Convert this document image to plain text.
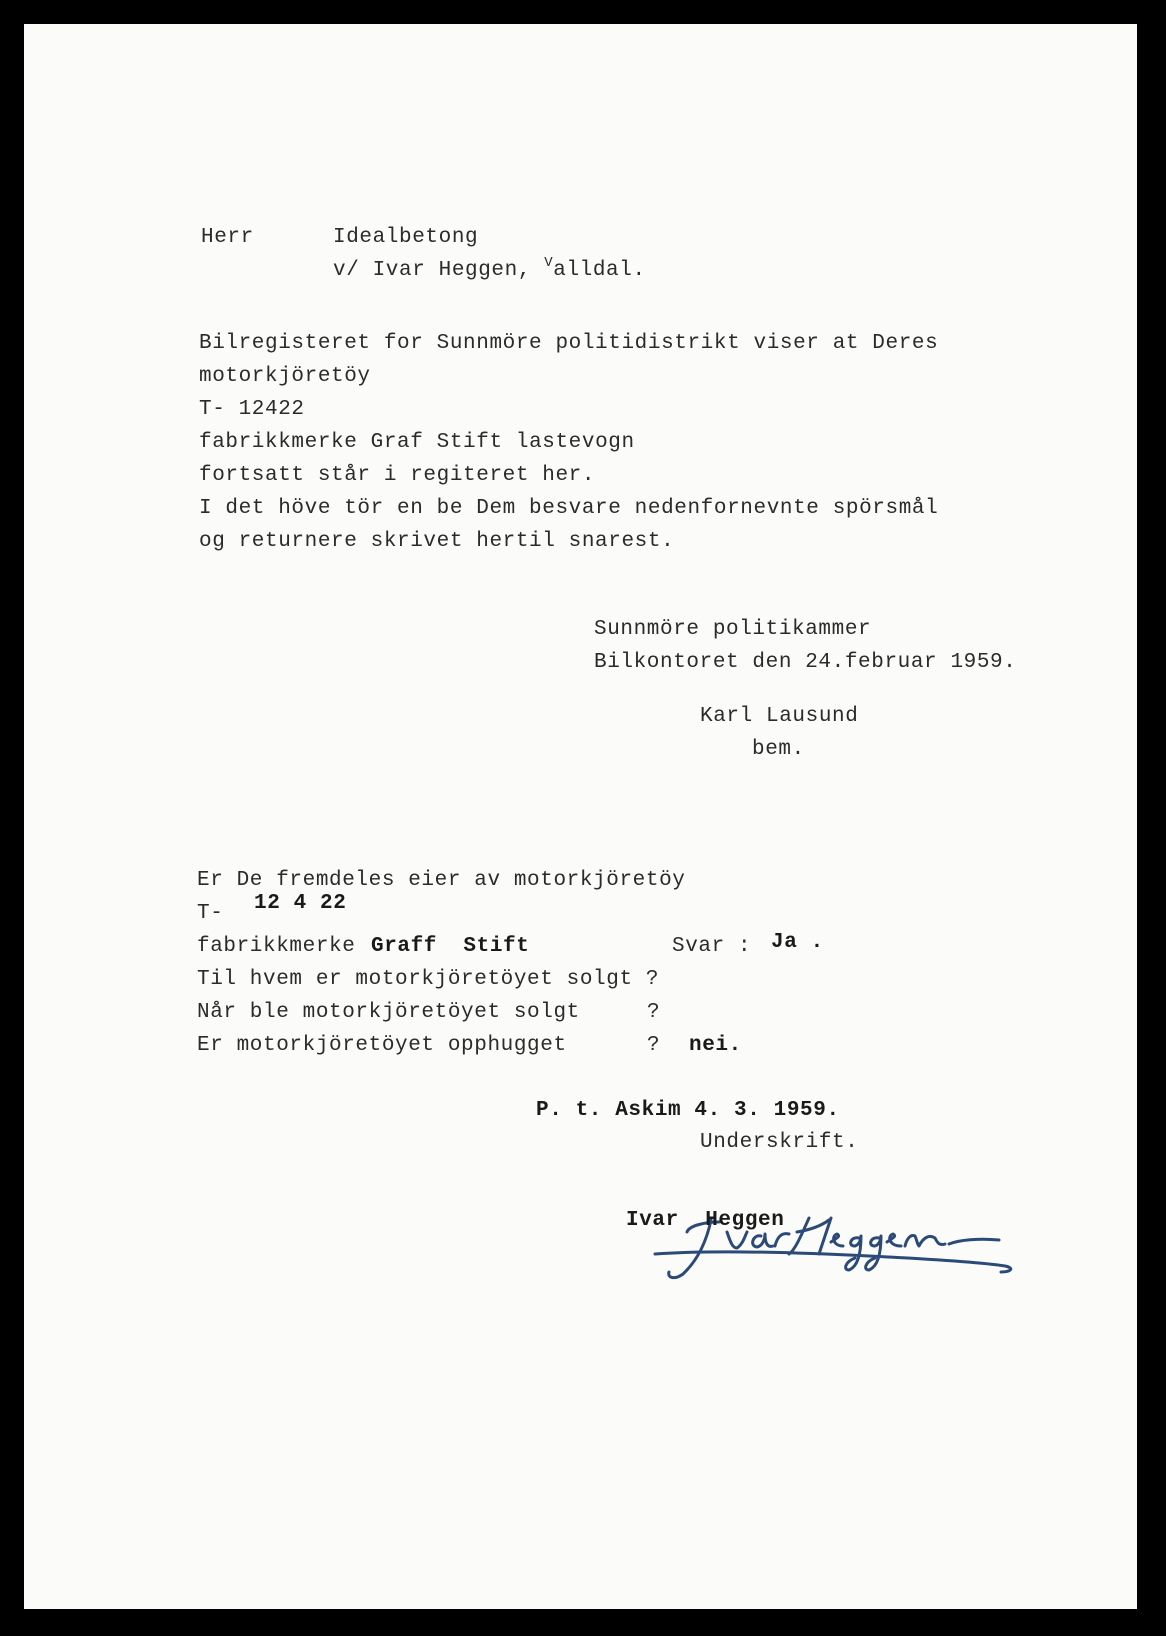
Herr	Idealbetong
v/ Ivar Heggen, $^V$alldal.
Bilregisteret for Sunnmöre politidistrikt viser at Deres
motorkjöretöy
T- 12422
fabrikkmerke Graf Stift lastevogn
fortsatt står i regiteret her.
I det höve tör en be Dem besvare nedenfornevnte spörsmål
og returnere skrivet hertil snarest.
Sunnmöre politikammer
Bilkontoret den 24.februar 1959.
Karl Lausund
bem.
Er De fremdeles eier av motorkjöretöy
T- 12 4 22
fabrikkmerke Graff  Stift	Svar : Ja .
Til hvem er motorkjöretöyet solgt ?
Når ble motorkjöretöyet solgt	?
Er motorkjöretöyet opphugget	? nei.
P. t. Askim 4. 3. 1959.
Underskrift.
Ivar  Heggen
